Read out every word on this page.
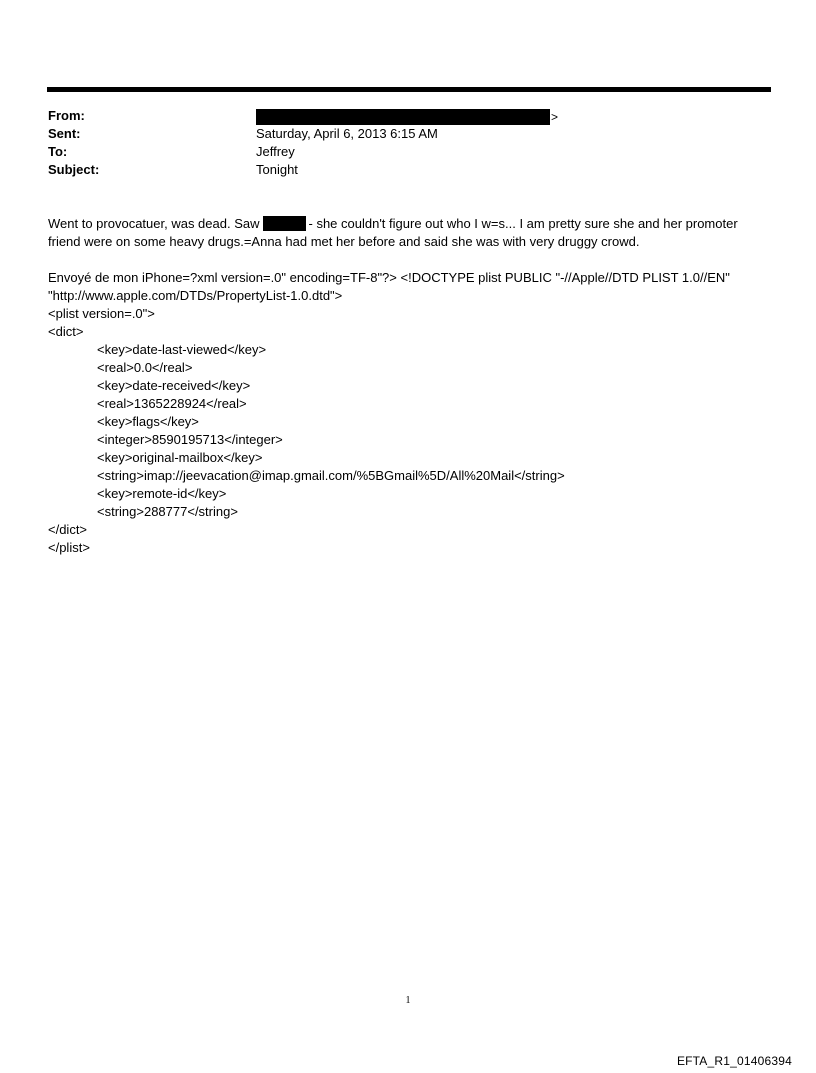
From:	>
Sent:	Saturday, April 6, 2013 6:15 AM
To:	Jeffrey
Subject:	Tonight
Went to provocatuer, was dead. Saw	- she couldn't figure out who I w=s... I am pretty sure she and her promoter
friend were on some heavy drugs.=Anna had met her before and said she was with very druggy crowd.
Envoyé de mon iPhone=?xml version=.0" encoding=TF-8"?> <!DOCTYPE plist PUBLIC "-//Apple//DTD PLIST 1.0//EN"
"http://www.apple.com/DTDs/PropertyList-1.0.dtd">
<plist version=.0">
<dict>
<key>date-last-viewed</key>
<real>0.0</real>
<key>date-received</key>
<real>1365228924</real>
<key>flags</key>
<integer>8590195713</integer>
<key>original-mailbox</key>
<string>imap://jeevacation@imap.gmail.com/%5BGmail%5D/All%20Mail</string>
<key>remote-id</key>
<string>288777</string>
</dict>
</plist>
1
EFTA_R1_01406394
